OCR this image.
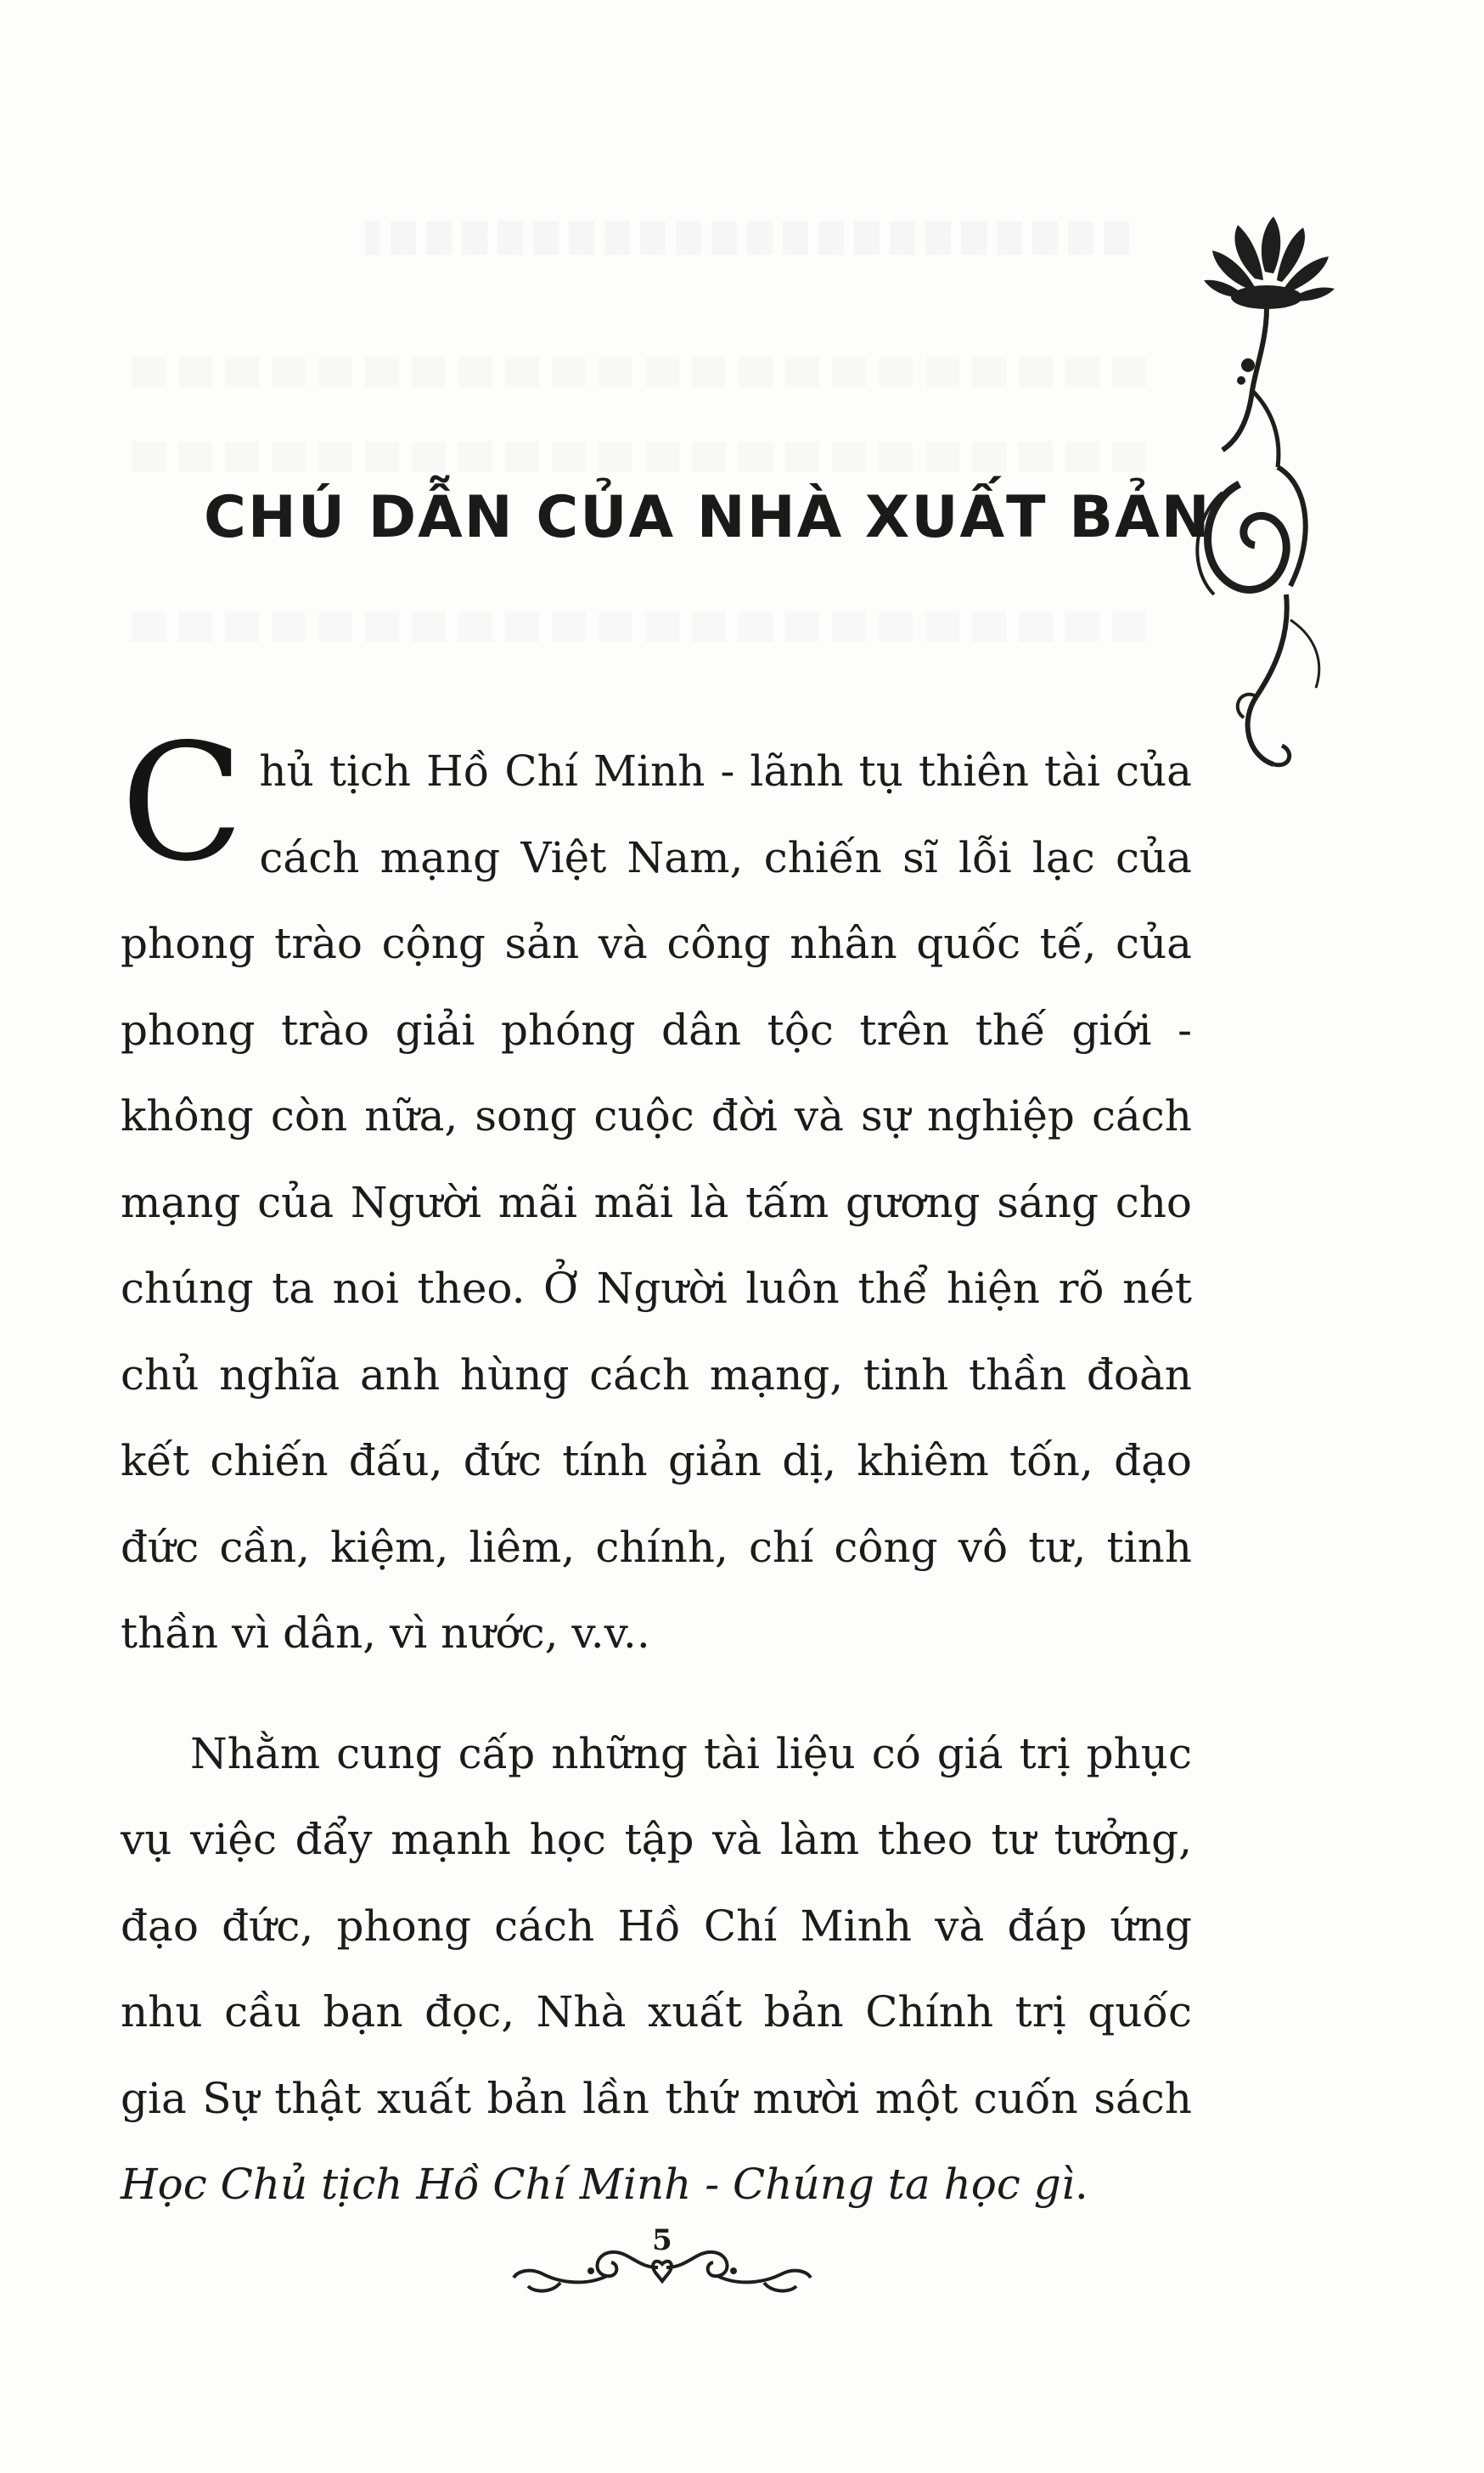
CHÚ DẪN CỦA NHÀ XUẤT BẢN

Chủ tịch Hồ Chí Minh - lãnh tụ thiên tài của cách mạng Việt Nam, chiến sĩ lỗi lạc của phong trào cộng sản và công nhân quốc tế, của phong trào giải phóng dân tộc trên thế giới - không còn nữa, song cuộc đời và sự nghiệp cách mạng của Người mãi mãi là tấm gương sáng cho chúng ta noi theo. Ở Người luôn thể hiện rõ nét chủ nghĩa anh hùng cách mạng, tinh thần đoàn kết chiến đấu, đức tính giản dị, khiêm tốn, đạo đức cần, kiệm, liêm, chính, chí công vô tư, tinh thần vì dân, vì nước, v.v..

Nhằm cung cấp những tài liệu có giá trị phục vụ việc đẩy mạnh học tập và làm theo tư tưởng, đạo đức, phong cách Hồ Chí Minh và đáp ứng nhu cầu bạn đọc, Nhà xuất bản Chính trị quốc gia Sự thật xuất bản lần thứ mười một cuốn sách Học Chủ tịch Hồ Chí Minh - Chúng ta học gì.

5
